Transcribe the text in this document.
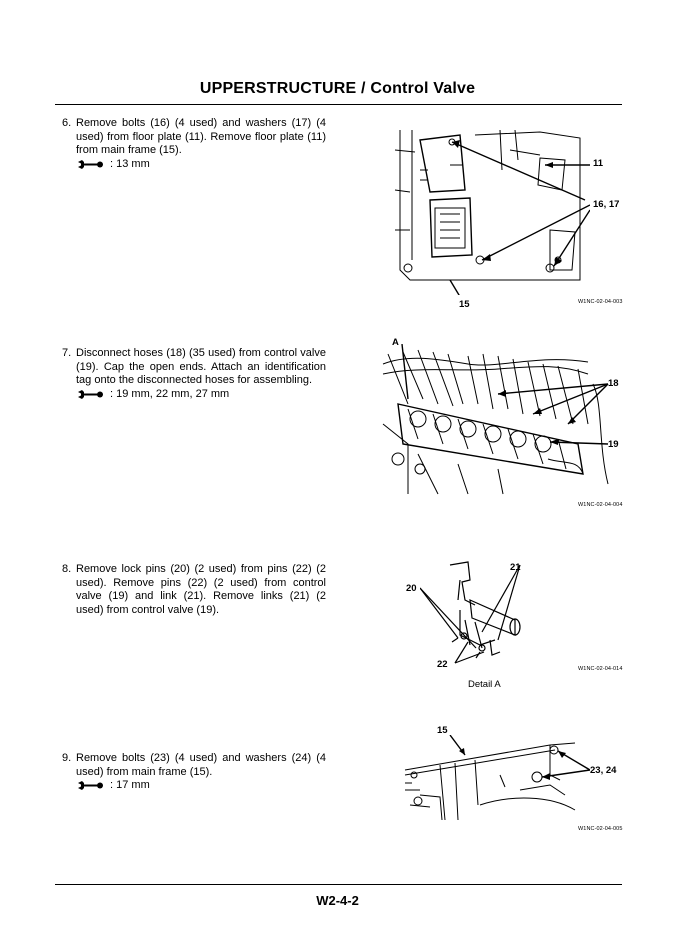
UPPERSTRUCTURE / Control Valve
6. Remove bolts (16) (4 used) and washers (17) (4 used) from floor plate (11). Remove floor plate (11) from main frame (15).
: 13 mm
7. Disconnect hoses (18) (35 used) from control valve (19). Cap the open ends. Attach an identification tag onto the disconnected hoses for assembling.
: 19 mm, 22 mm, 27 mm
8. Remove lock pins (20) (2 used) from pins (22) (2 used). Remove pins (22) (2 used) from control valve (19) and link (21). Remove links (21) (2 used) from control valve (19).
9. Remove bolts (23) (4 used) and washers (24) (4 used) from main frame (15).
: 17 mm
11
16, 17
15	W1NC-02-04-003
A
18
19
W1NC-02-04-004
21
20
22	W1NC-02-04-014
Detail A
15
23, 24
W1NC-02-04-005
W2-4-2
